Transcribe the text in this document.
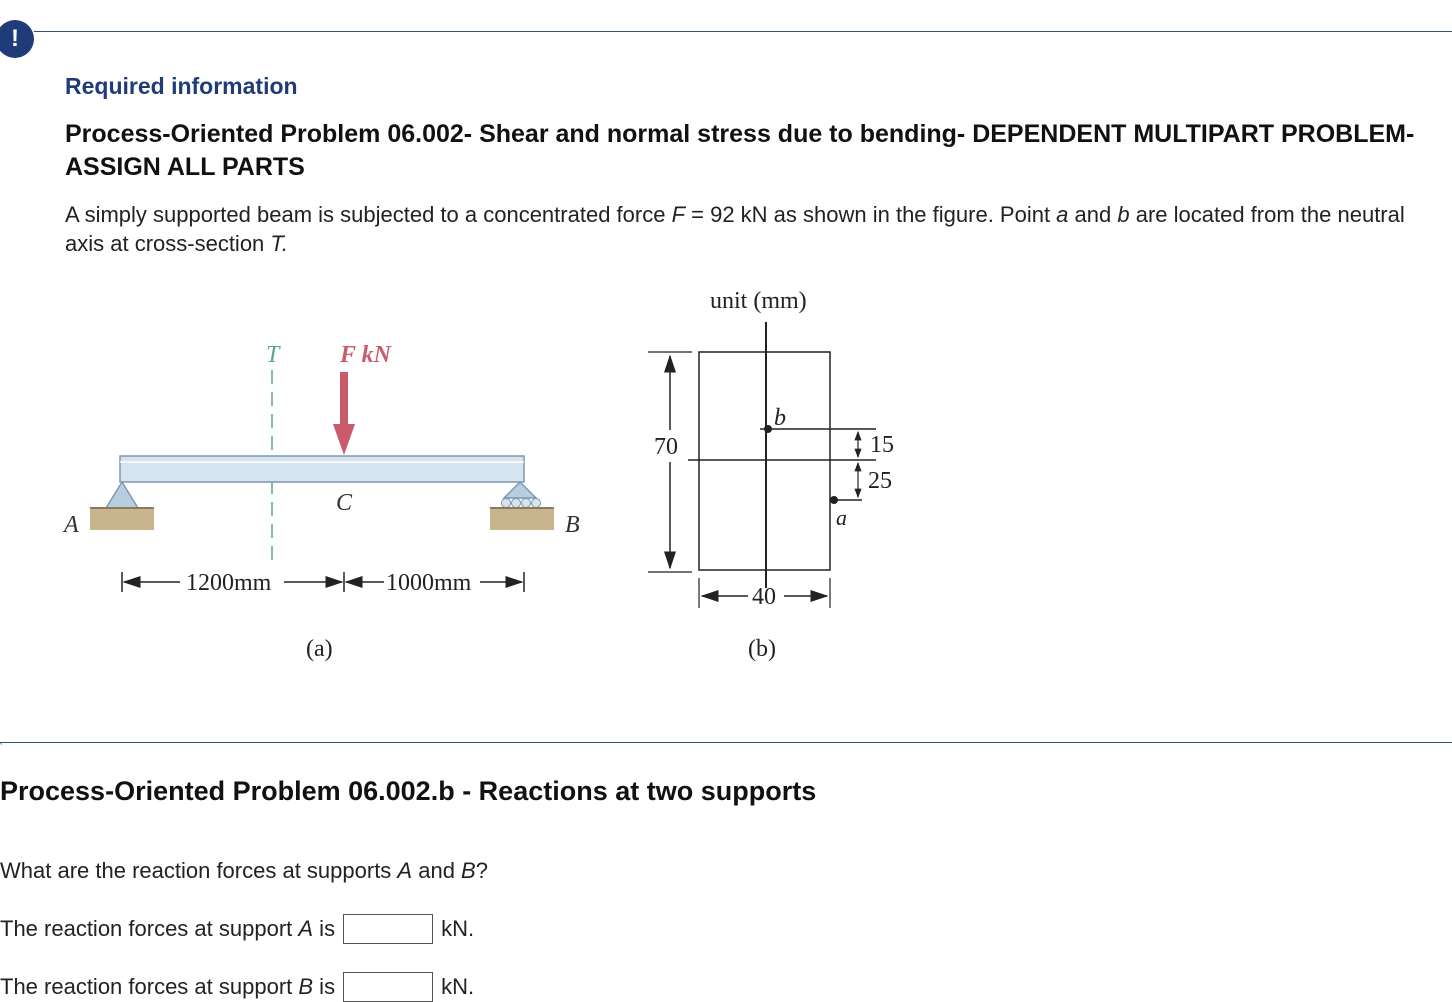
!
Required information
Process-Oriented Problem 06.002- Shear and normal stress due to bending- DEPENDENT MULTIPART PROBLEM- ASSIGN ALL PARTS
A simply supported beam is subjected to a concentrated force F = 92 kN as shown in the figure. Point a and b are located from the neutral axis at cross-section T.
T	F kN
A	B
C
1200mm	1000mm
(a)
unit (mm)
b
a
15
25
70
40
(b)
Process-Oriented Problem 06.002.b - Reactions at two supports
What are the reaction forces at supports A and B?
The reaction forces at support A is	kN.
The reaction forces at support B is	kN.
